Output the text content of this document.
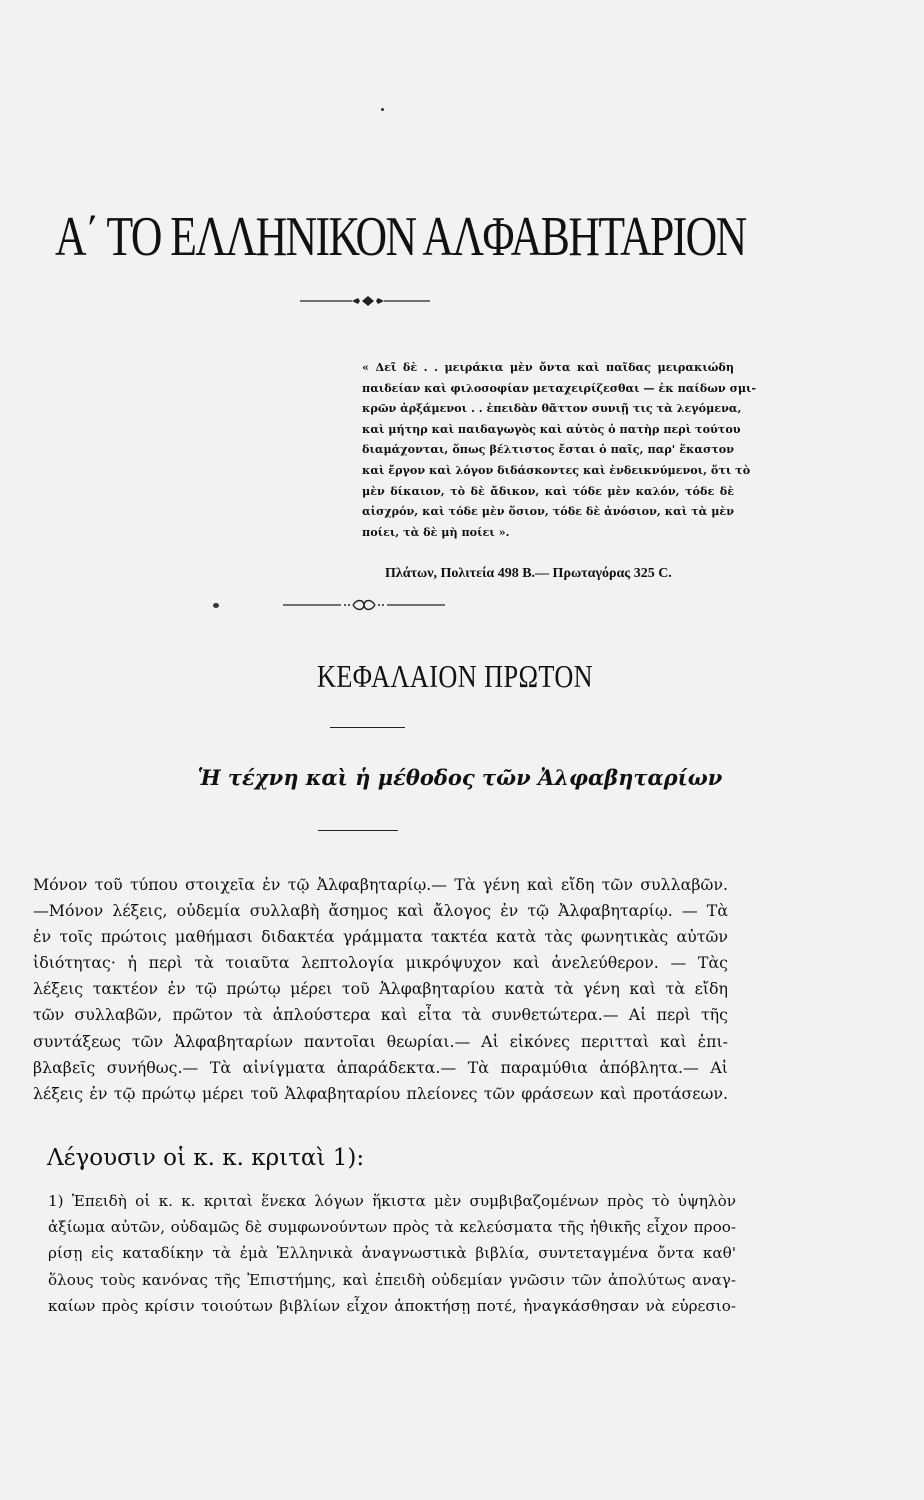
Α΄ ΤΟ ΕΛΛΗΝΙΚΟΝ ΑΛΦΑΒΗΤΑΡΙΟΝ
« Δεῖ δὲ . . μειράκια μὲν ὄντα καὶ παῖδας μειρακιώδη
παιδείαν καὶ φιλοσοφίαν μεταχειρίζεσθαι — ἐκ παίδων σμι-
κρῶν ἀρξάμενοι . . ἐπειδὰν θᾶττον συνιῇ τις τὰ λεγόμενα,
καὶ μήτηρ καὶ παιδαγωγὸς καὶ αὐτὸς ὁ πατὴρ περὶ τούτου
διαμάχονται, ὅπως βέλτιστος ἔσται ὁ παῖς, παρ' ἕκαστον
καὶ ἔργον καὶ λόγον διδάσκοντες καὶ ἐνδεικνύμενοι, ὅτι τὸ
μὲν δίκαιον, τὸ δὲ ἄδικον, καὶ τόδε μὲν καλόν, τόδε δὲ
αἰσχρόν, καὶ τόδε μὲν ὅσιον, τόδε δὲ ἀνόσιον, καὶ τὰ μὲν
ποίει, τὰ δὲ μὴ ποίει ».
Πλάτων, Πολιτεία 498 Β.— Πρωταγόρας 325 C.
ΚΕΦΑΛΑΙΟΝ ΠΡΩΤΟΝ
Ἡ τέχνη καὶ ἡ μέθοδος τῶν Ἀλφαβηταρίων
Μόνον τοῦ τύπου στοιχεῖα ἐν τῷ Ἀλφαβηταρίῳ.— Τὰ γένη καὶ εἴδη τῶν συλλαβῶν.
—Μόνον λέξεις, οὐδεμία συλλαβὴ ἄσημος καὶ ἄλογος ἐν τῷ Ἀλφαβηταρίῳ. — Τὰ
ἐν τοῖς πρώτοις μαθήμασι διδακτέα γράμματα τακτέα κατὰ τὰς φωνητικὰς αὐτῶν
ἰδιότητας· ἡ περὶ τὰ τοιαῦτα λεπτολογία μικρόψυχον καὶ ἀνελεύθερον. — Τὰς
λέξεις τακτέον ἐν τῷ πρώτῳ μέρει τοῦ Ἀλφαβηταρίου κατὰ τὰ γένη καὶ τὰ εἴδη
τῶν συλλαβῶν, πρῶτον τὰ ἁπλούστερα καὶ εἶτα τὰ συνθετώτερα.— Αἱ περὶ τῆς
συντάξεως τῶν Ἀλφαβηταρίων παντοῖαι θεωρίαι.— Αἱ εἰκόνες περιτταὶ καὶ ἐπι-
βλαβεῖς συνήθως.— Τὰ αἰνίγματα ἀπαράδεκτα.— Τὰ παραμύθια ἀπόβλητα.— Αἱ
λέξεις ἐν τῷ πρώτῳ μέρει τοῦ Ἀλφαβηταρίου πλείονες τῶν φράσεων καὶ προτάσεων.
Λέγουσιν οἱ κ. κ. κριταὶ 1):
1) Ἐπειδὴ οἱ κ. κ. κριταὶ ἕνεκα λόγων ἥκιστα μὲν συμβιβαζομένων πρὸς τὸ ὑψηλὸν
ἀξίωμα αὐτῶν, οὐδαμῶς δὲ συμφωνούντων πρὸς τὰ κελεύσματα τῆς ἠθικῆς εἶχον προο-
ρίσῃ εἰς καταδίκην τὰ ἐμὰ Ἑλληνικὰ ἀναγνωστικὰ βιβλία, συντεταγμένα ὄντα καθ'
ὅλους τοὺς κανόνας τῆς Ἐπιστήμης, καὶ ἐπειδὴ οὐδεμίαν γνῶσιν τῶν ἀπολύτως αναγ-
καίων πρὸς κρίσιν τοιούτων βιβλίων εἶχον ἀποκτήσῃ ποτέ, ἠναγκάσθησαν νὰ εὑρεσιο-
